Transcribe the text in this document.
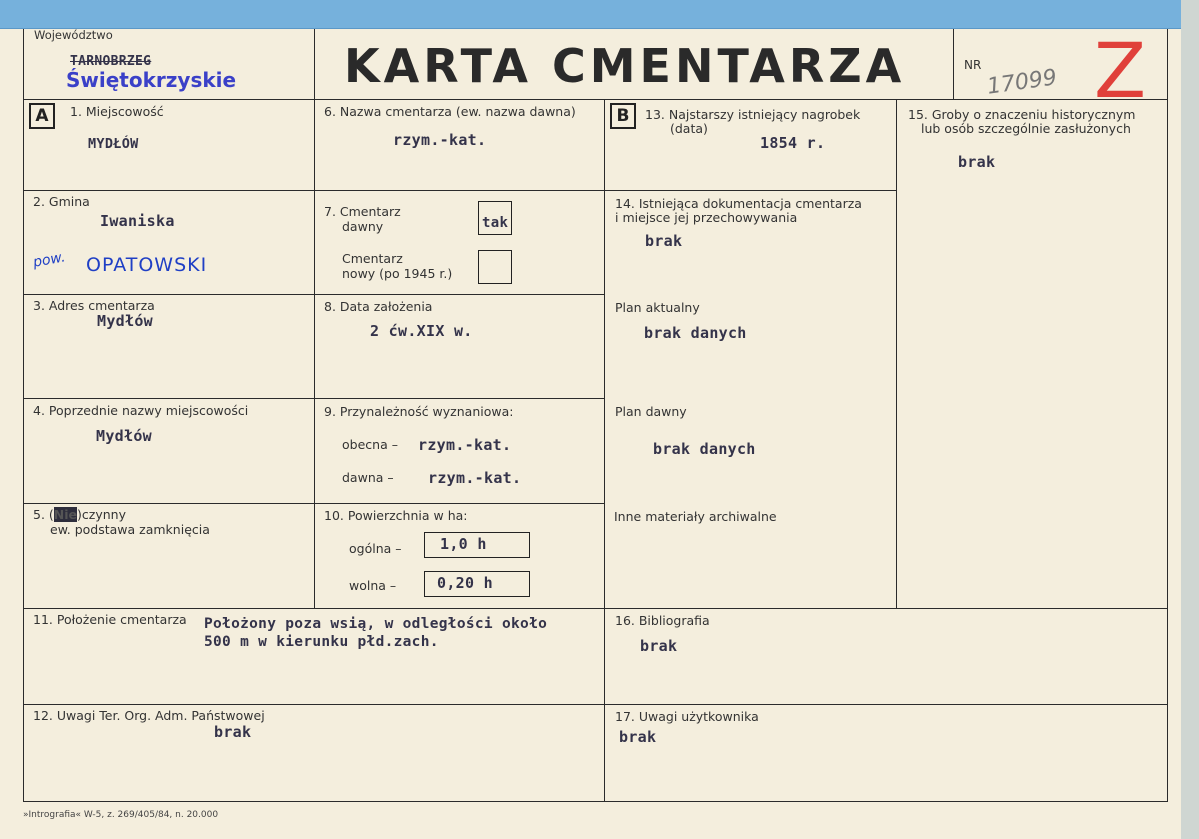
Województwo
TARNOBRZEG
Świętokrzyskie KARTA CMENTARZA	NR
17099 Z
A	B
1. Miejscowość
MYDŁÓW
2. Gmina
Iwaniska
pow. OPATOWSKI
3. Adres cmentarza
Mydłów
4. Poprzednie nazwy miejscowości
Mydłów
5. (Nie)czynny
ew. podstawa zamknięcia
6. Nazwa cmentarza (ew. nazwa dawna)
rzym.-kat.
7. Cmentarz
dawny	tak
Cmentarz
nowy (po 1945 r.)
8. Data założenia
2 ćw.XIX w.
9. Przynależność wyznaniowa:
obecna – rzym.-kat.
dawna – rzym.-kat.
10. Powierzchnia w ha:
ogólna –	1,0 h
wolna –	0,20 h
11. Położenie cmentarza Położony poza wsią, w odległości około
500 m w kierunku płd.zach.
12. Uwagi Ter. Org. Adm. Państwowej
brak
13. Najstarszy istniejący nagrobek
(data)
1854 r.
14. Istniejąca dokumentacja cmentarza
i miejsce jej przechowywania
brak
Plan aktualny
brak danych
Plan dawny
brak danych
Inne materiały archiwalne
15. Groby o znaczeniu historycznym
lub osób szczególnie zasłużonych
brak
16. Bibliografia
brak
17. Uwagi użytkownika
brak
»Intrografia« W-5, z. 269/405/84, n. 20.000
